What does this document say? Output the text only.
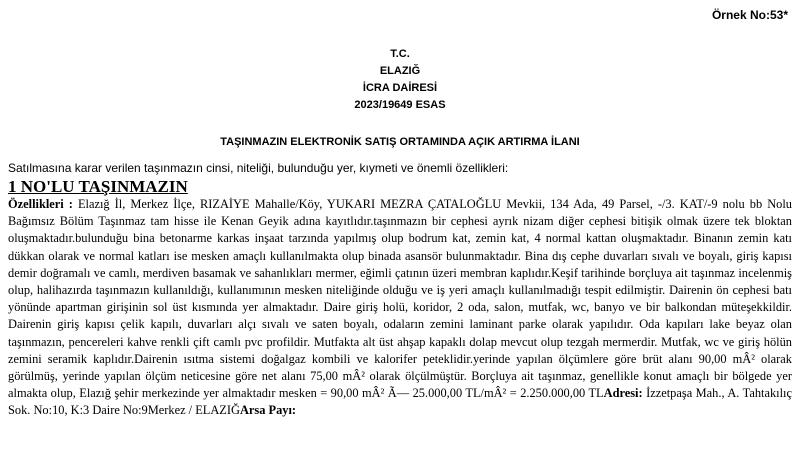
Örnek No:53*
T.C.
ELAZIĞ
İCRA DAİRESİ
2023/19649 ESAS
TAŞINMAZIN ELEKTRONİK SATIŞ ORTAMINDA AÇIK ARTIRMA İLANI
Satılmasına karar verilen taşınmazın cinsi, niteliği, bulunduğu yer, kıymeti ve önemli özellikleri:
1 NO'LU TAŞINMAZIN
Özellikleri : Elazığ İl, Merkez İlçe, RIZAİYE Mahalle/Köy, YUKARI MEZRA ÇATALOĞLU Mevkii, 134 Ada, 49 Parsel, -/3. KAT/-9 nolu bb Nolu Bağımsız Bölüm Taşınmaz tam hisse ile Kenan Geyik adına kayıtlıdır.taşınmazın bir cephesi ayrık nizam diğer cephesi bitişik olmak üzere tek bloktan oluşmaktadır.bulunduğu bina betonarme karkas inşaat tarzında yapılmış olup bodrum kat, zemin kat, 4 normal kattan oluşmaktadır. Binanın zemin katı dükkan olarak ve normal katları ise mesken amaçlı kullanılmakta olup binada asansör bulunmaktadır. Bina dış cephe duvarları sıvalı ve boyalı, giriş kapısı demir doğramalı ve camlı, merdiven basamak ve sahanlıkları mermer, eğimli çatının üzeri membran kaplıdır.Keşif tarihinde borçluya ait taşınmaz incelenmiş olup, halihazırda taşınmazın kullanıldığı, kullanımının mesken niteliğinde olduğu ve iş yeri amaçlı kullanılmadığı tespit edilmiştir. Dairenin ön cephesi batı yönünde apartman girişinin sol üst kısmında yer almaktadır. Daire giriş holü, koridor, 2 oda, salon, mutfak, wc, banyo ve bir balkondan müteşekkildir. Dairenin giriş kapısı çelik kapılı, duvarları alçı sıvalı ve saten boyalı, odaların zemini laminant parke olarak yapılıdır. Oda kapıları lake beyaz olan taşınmazın, pencereleri kahve renkli çift camlı pvc profildir. Mutfakta alt üst ahşap kapaklı dolap mevcut olup tezgah mermerdir. Mutfak, wc ve giriş hölün zemini seramik kaplıdır.Dairenin ısıtma sistemi doğalgaz kombili ve kalorifer peteklidir.yerinde yapılan ölçümlere göre brüt alanı 90,00 mÂ² olarak görülmüş, yerinde yapılan ölçüm neticesine göre net alanı 75,00 mÂ² olarak ölçülmüştür. Borçluya ait taşınmaz, genellikle konut amaçlı bir bölgede yer almakta olup, Elazığ şehir merkezinde yer almaktadır mesken = 90,00 mÂ² Ã— 25.000,00 TL/mÂ² = 2.250.000,00 TLAdresi: İzzetpaşa Mah., A. Tahtakılıç Sok. No:10, K:3 Daire No:9Merkez / ELAZIĞArsa Payı:
